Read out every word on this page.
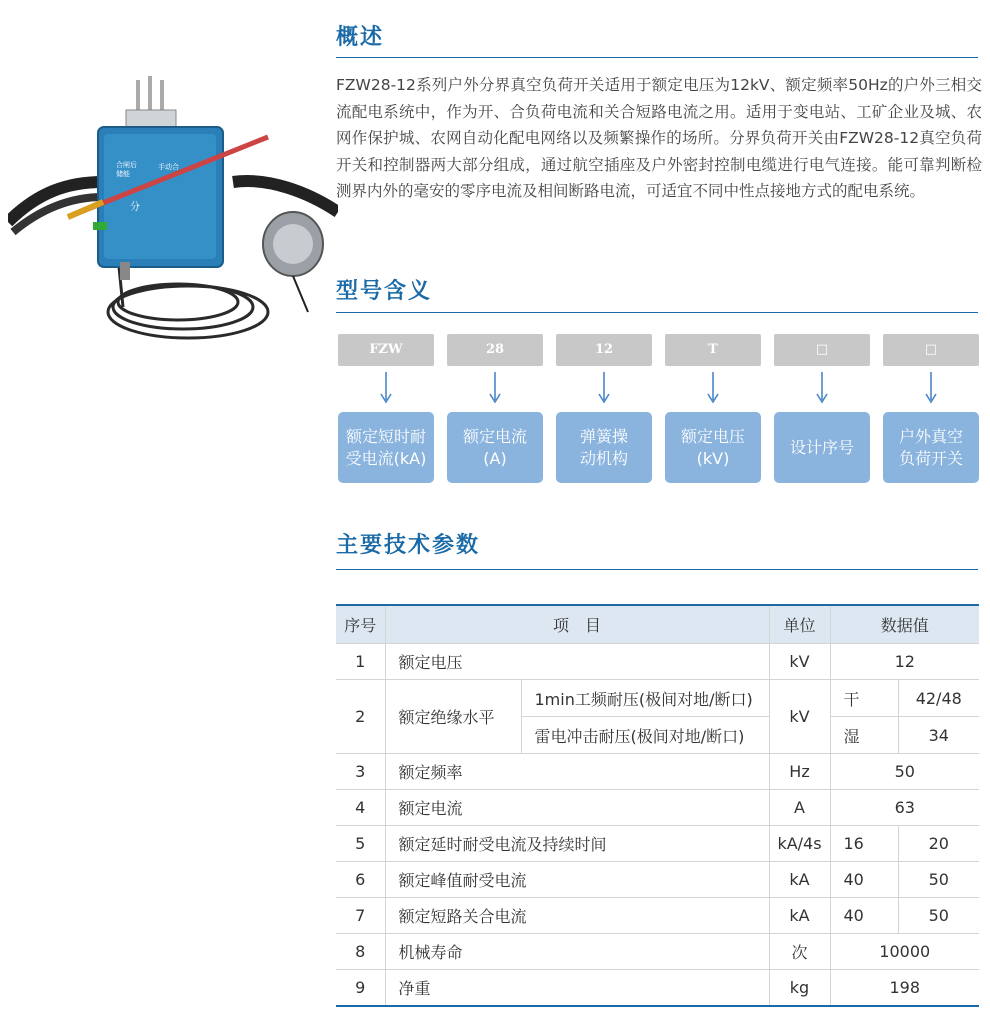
合闸后
储能
手动合
分
概述
FZW28-12系列户外分界真空负荷开关适用于额定电压为12kV、额定频率50Hz的户外三相交流配电系统中，作为开、合负荷电流和关合短路电流之用。适用于变电站、工矿企业及城、农网作保护城、农网自动化配电网络以及频繁操作的场所。分界负荷开关由FZW28-12真空负荷开关和控制器两大部分组成，通过航空插座及户外密封控制电缆进行电气连接。能可靠判断检测界内外的毫安的零序电流及相间断路电流，可适宜不同中性点接地方式的配电系统。
型号含义
FZW	28	12	T	□	□
额定短时耐
受电流(kA)
额定电流
(A)
弹簧操
动机构
额定电压
(kV)
设计序号
户外真空
负荷开关
主要技术参数
序号	项　目		单位	数据值	
1	额定电压		kV	12	
2	额定绝缘水平	1min工频耐压(极间对地/断口)	kV	干	42/48
		雷电冲击耐压(极间对地/断口)		湿	34
3	额定频率		Hz	50	
4	额定电流		A	63	
5	额定延时耐受电流及持续时间		kA/4s	16	20
6	额定峰值耐受电流		kA	40	50
7	额定短路关合电流		kA	40	50
8	机械寿命		次	10000	
9	净重		kg	198	
